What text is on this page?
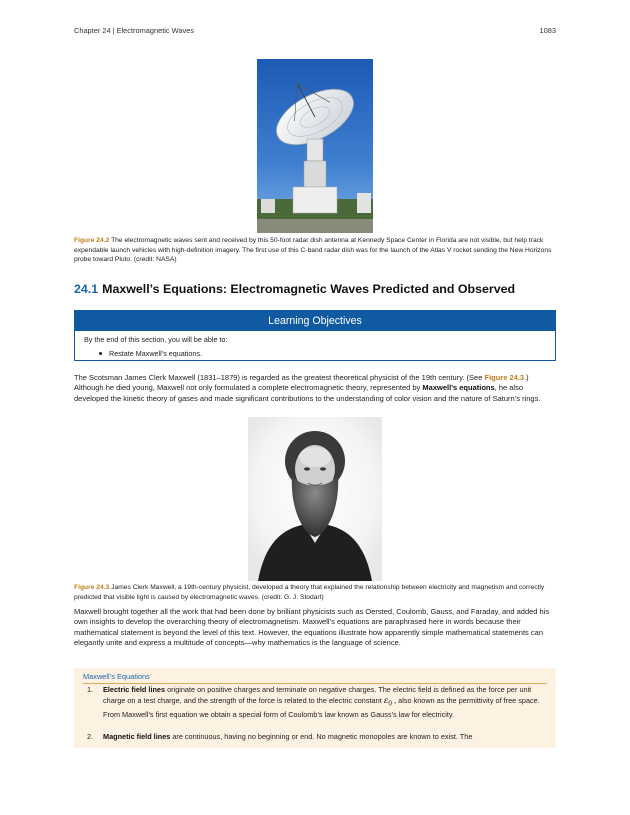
Chapter 24 | Electromagnetic Waves	1083
Figure 24.2 The electromagnetic waves sent and received by this 50-foot radar dish antenna at Kennedy Space Center in Florida are not visible, but help track expendable launch vehicles with high-definition imagery. The first use of this C-band radar dish was for the launch of the Atlas V rocket sending the New Horizons probe toward Pluto. (credit: NASA)
24.1 Maxwell’s Equations: Electromagnetic Waves Predicted and Observed
Learning Objectives
By the end of this section, you will be able to:
Restate Maxwell’s equations.
The Scotsman James Clerk Maxwell (1831–1879) is regarded as the greatest theoretical physicist of the 19th century. (See Figure 24.3.) Although he died young, Maxwell not only formulated a complete electromagnetic theory, represented by Maxwell’s equations, he also developed the kinetic theory of gases and made significant contributions to the understanding of color vision and the nature of Saturn’s rings.
Figure 24.3 James Clerk Maxwell, a 19th-century physicist, developed a theory that explained the relationship between electricity and magnetism and correctly predicted that visible light is caused by electromagnetic waves. (credit: G. J. Stodart)
Maxwell brought together all the work that had been done by brilliant physicists such as Oersted, Coulomb, Gauss, and Faraday, and added his own insights to develop the overarching theory of electromagnetism. Maxwell’s equations are paraphrased here in words because their mathematical statement is beyond the level of this text. However, the equations illustrate how apparently simple mathematical statements can elegantly unite and express a multitude of concepts—why mathematics is the language of science.
Maxwell’s Equations
1. Electric field lines originate on positive charges and terminate on negative charges. The electric field is defined as the force per unit charge on a test charge, and the strength of the force is related to the electric constant $\varepsilon_0$ , also known as the permittivity of free space. From Maxwell’s first equation we obtain a special form of Coulomb’s law known as Gauss’s law for electricity.
2. Magnetic field lines are continuous, having no beginning or end. No magnetic monopoles are known to exist. The
